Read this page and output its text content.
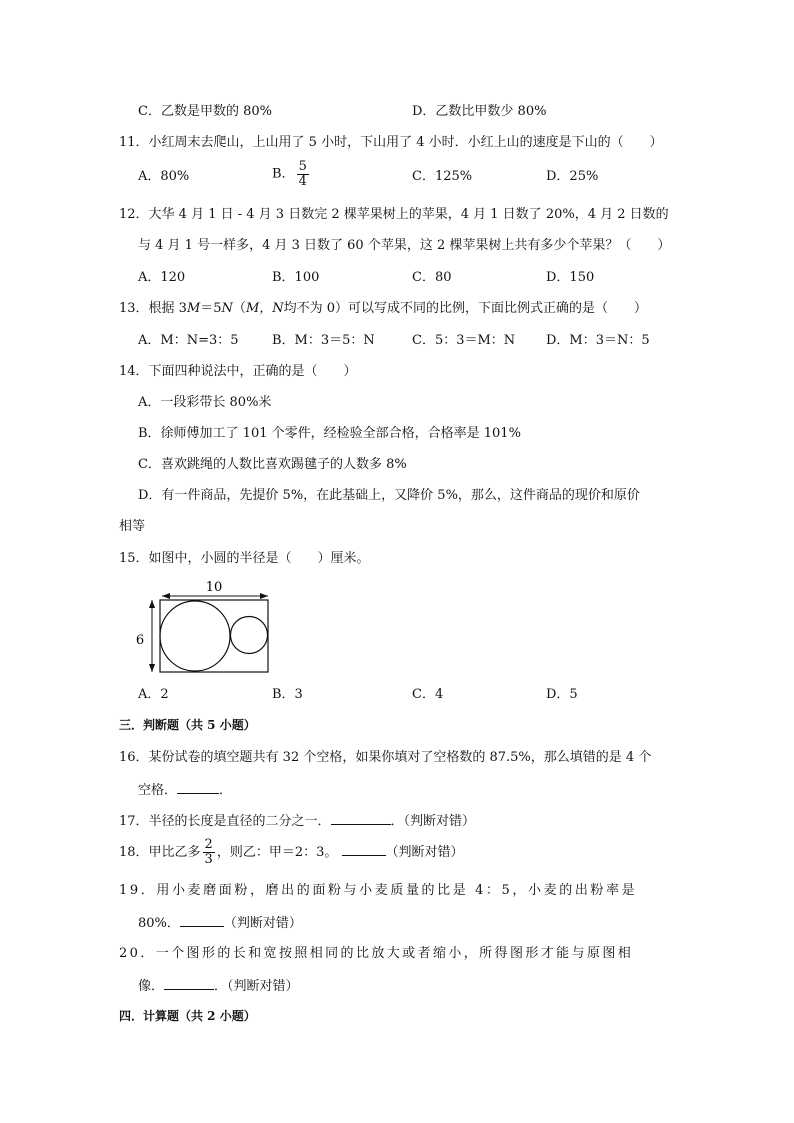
C．乙数是甲数的 80%	D．乙数比甲数少 80%
11．小红周末去爬山，上山用了 5 小时，下山用了 4 小时．小红上山的速度是下山的（　　）
A．80%	B． $\frac{5}{4}$	C．125%	D．25%
12．大华 4 月 1 日 - 4 月 3 日数完 2 棵苹果树上的苹果，4 月 1 日数了 20%，4 月 2 日数的
与 4 月 1 号一样多，4 月 3 日数了 60 个苹果，这 2 棵苹果树上共有多少个苹果？（　　）
A．120	B．100	C．80	D．150
13．根据 3M＝5N（M，N均不为 0）可以写成不同的比例，下面比例式正确的是（　　）
A．M：N=3：5	B．M：3＝5：N	C．5：3＝M：N D．M：3＝N：5
14．下面四种说法中，正确的是（　　）
A．一段彩带长 80%米
B．徐师傅加工了 101 个零件，经检验全部合格，合格率是 101%
C．喜欢跳绳的人数比喜欢踢毽子的人数多 8%
D．有一件商品，先提价 5%，在此基础上，又降价 5%，那么，这件商品的现价和原价
相等
15．如图中，小圆的半径是（　　）厘米。
10
6
A．2	B．3	C．4	D．5
三．判断题（共 5 小题）
16．某份试卷的填空题共有 32 个空格，如果你填对了空格数的 87.5%，那么填错的是 4 个
空格．	．
17．半径的长度是直径的二分之一．	．（判断对错）
18．甲比乙多 $\frac{2}{3}$ ，则乙：甲＝2：3。	（判断对错）
19．用小麦磨面粉，磨出的面粉与小麦质量的比是 4：5，小麦的出粉率是
80%．	（判断对错）
20．一个图形的长和宽按照相同的比放大或者缩小，所得图形才能与原图相
像．	．（判断对错）
四．计算题（共 2 小题）
